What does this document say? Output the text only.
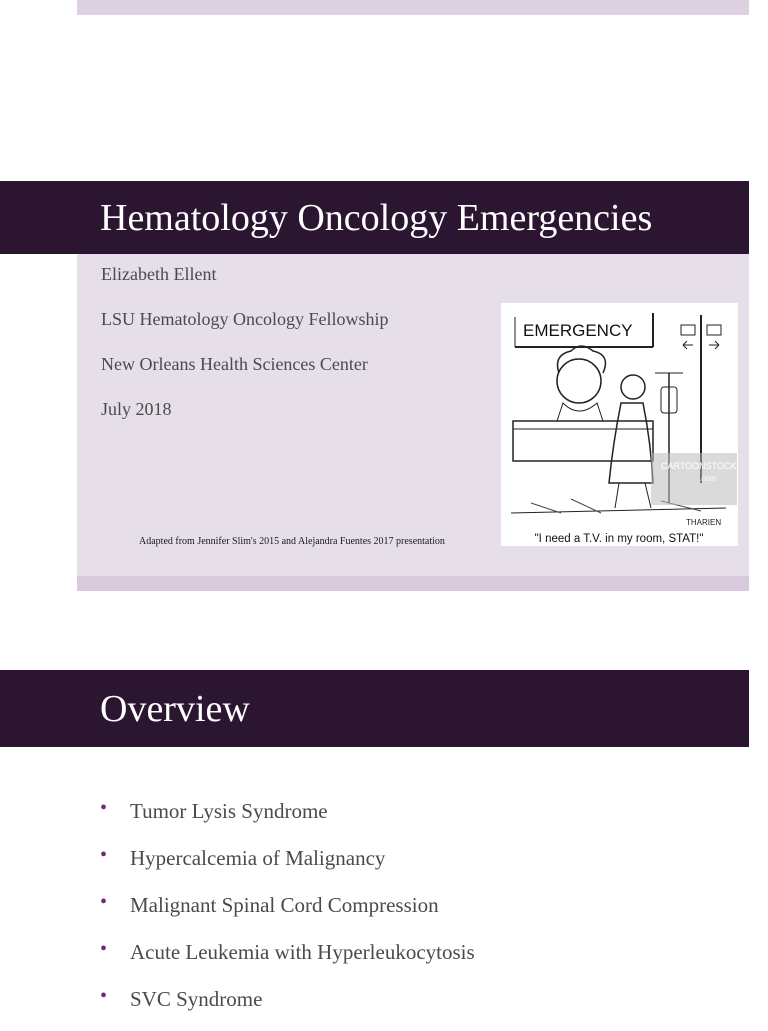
Hematology Oncology Emergencies
Elizabeth Ellent
LSU Hematology Oncology Fellowship
New Orleans Health Sciences Center
July 2018
Adapted from Jennifer Slim's 2015 and Alejandra Fuentes 2017 presentation
EMERGENCY
CARTOONSTOCK
.com
THARIEN
"I need a T.V. in my room, STAT!"
Overview
• Tumor Lysis Syndrome
• Hypercalcemia of Malignancy
• Malignant Spinal Cord Compression
• Acute Leukemia with Hyperleukocytosis
• SVC Syndrome
